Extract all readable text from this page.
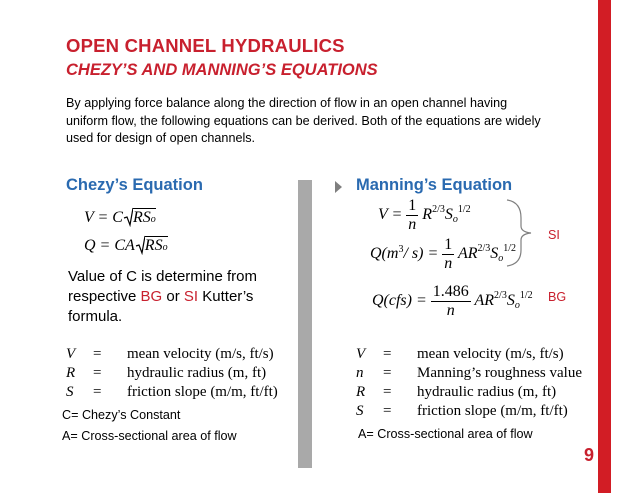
OPEN CHANNEL HYDRAULICS
CHEZY’S AND MANNING’S EQUATIONS
By applying force balance along the direction of flow in an open channel having uniform flow, the following equations can be derived. Both of the equations are widely used for design of open channels.
Chezy’s Equation
V = C RSo
Q = CA RSo
Value of C is determine from respective BG or SI Kutter’s formula.
V = mean velocity (m/s, ft/s)
R = hydraulic radius (m, ft)
S = friction slope (m/m, ft/ft)
C= Chezy’s Constant
A= Cross-sectional area of flow
Manning’s Equation
$V = \frac{1}{n} R^{2/3}S_o^{1/2}$
$Q(m^3/$ $s) = \frac{1}{n} AR^{2/3}S_o^{1/2}$
$Q(cfs) = \frac{1.486}{n} AR^{2/3}S_o^{1/2}$
SI
BG
V = mean velocity (m/s, ft/s)
n = Manning’s roughness value
R = hydraulic radius (m, ft)
S = friction slope (m/m, ft/ft)
A= Cross-sectional area of flow
9
